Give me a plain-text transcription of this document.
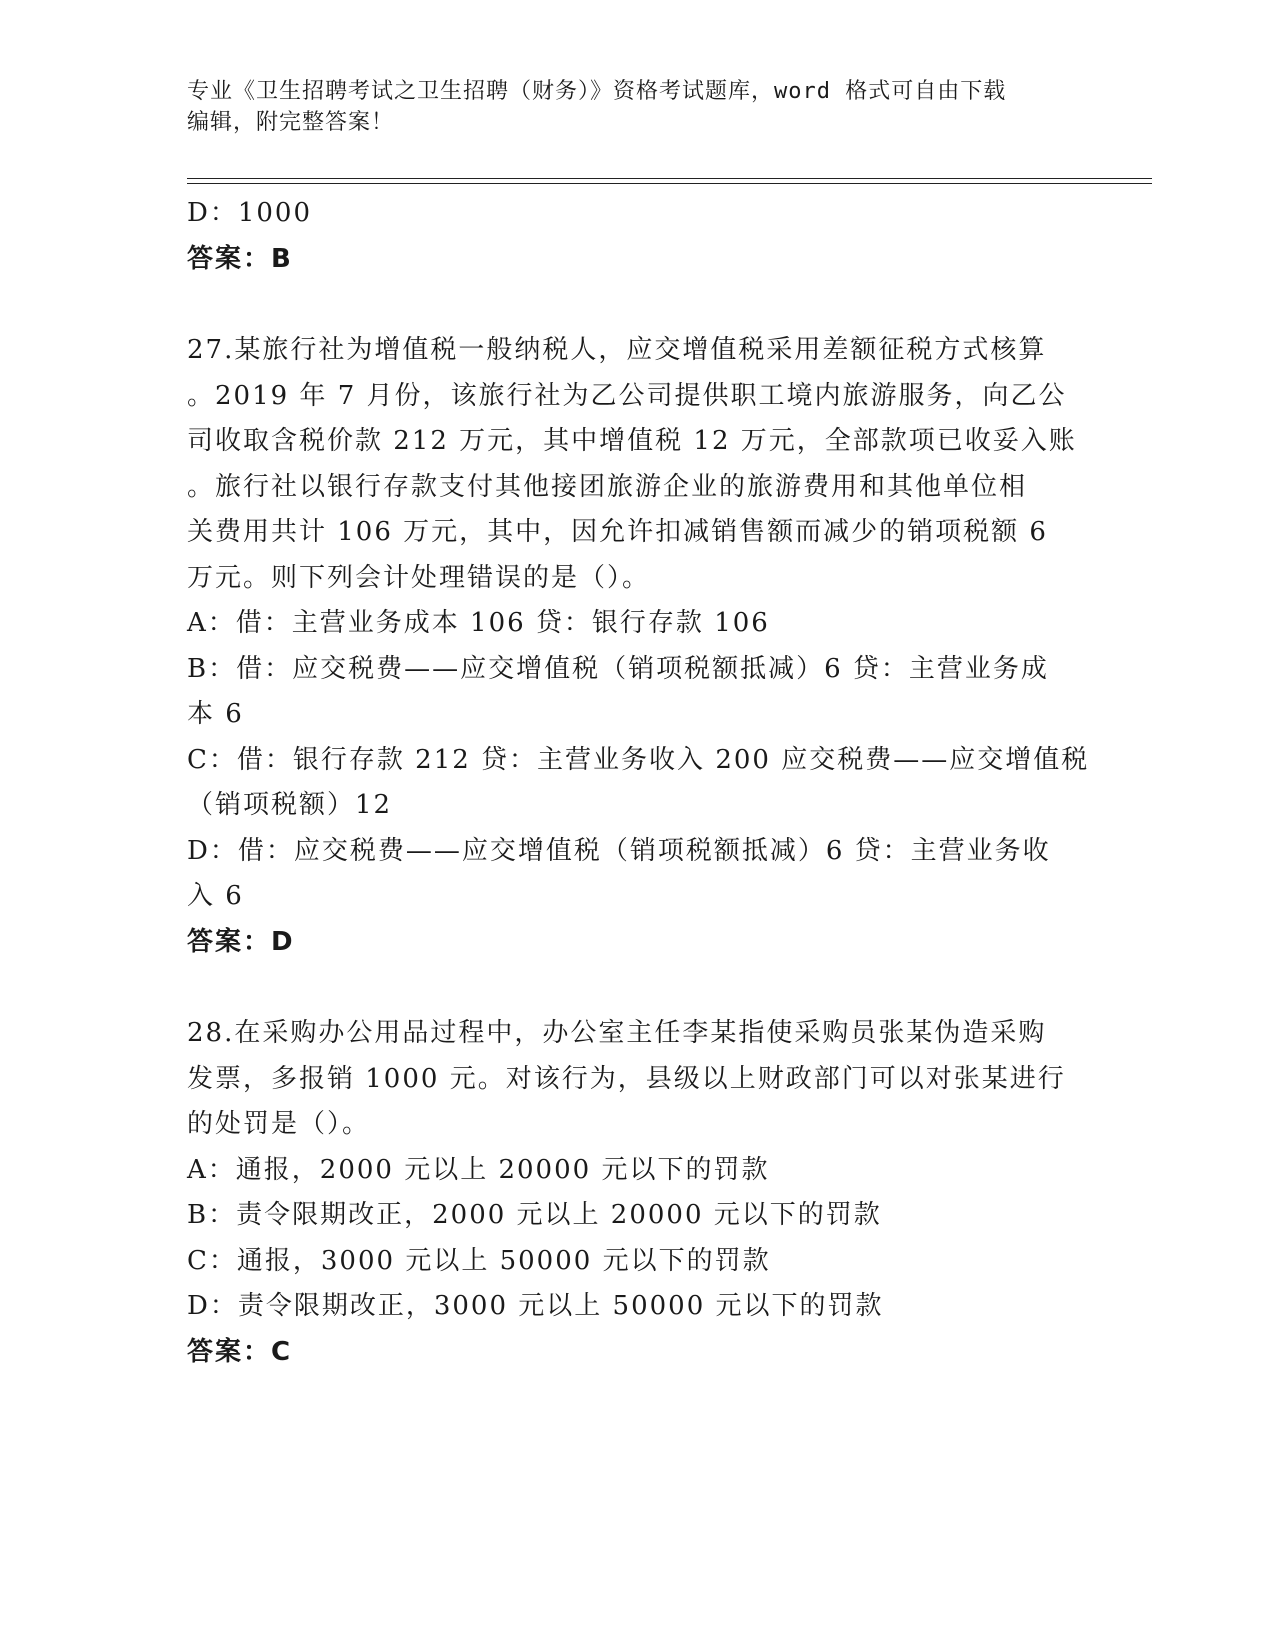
专业《卫生招聘考试之卫生招聘（财务）》资格考试题库，word 格式可自由下载
编辑，附完整答案！

D：1000

答案：B

27.某旅行社为增值税一般纳税人，应交增值税采用差额征税方式核算

。2019 年 7 月份，该旅行社为乙公司提供职工境内旅游服务，向乙公

司收取含税价款 212 万元，其中增值税 12 万元，全部款项已收妥入账

。旅行社以银行存款支付其他接团旅游企业的旅游费用和其他单位相

关费用共计 106 万元，其中，因允许扣减销售额而减少的销项税额 6

万元。则下列会计处理错误的是（）。

A：借：主营业务成本 106 贷：银行存款 106

B：借：应交税费——应交增值税（销项税额抵减）6 贷：主营业务成

本 6

C：借：银行存款 212 贷：主营业务收入 200 应交税费——应交增值税

（销项税额）12

D：借：应交税费——应交增值税（销项税额抵减）6 贷：主营业务收

入 6

答案：D

28.在采购办公用品过程中，办公室主任李某指使采购员张某伪造采购

发票，多报销 1000 元。对该行为，县级以上财政部门可以对张某进行

的处罚是（）。

A：通报，2000 元以上 20000 元以下的罚款

B：责令限期改正，2000 元以上 20000 元以下的罚款

C：通报，3000 元以上 50000 元以下的罚款

D：责令限期改正，3000 元以上 50000 元以下的罚款

答案：C
